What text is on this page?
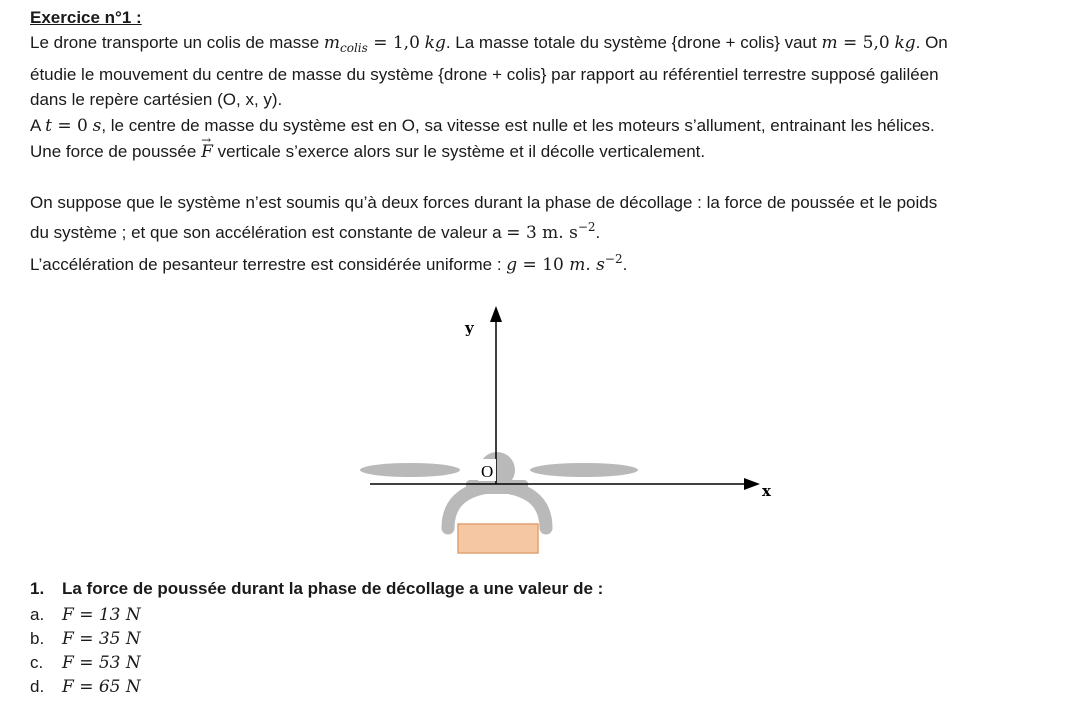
Exercice n°1 :

Le drone transporte un colis de masse $m_{colis} = 1,0$ kg. La masse totale du système {drone + colis} vaut m = 5,0 kg. On

étudie le mouvement du centre de masse du système {drone + colis} par rapport au référentiel terrestre supposé galiléen

dans le repère cartésien (O, x, y).

A t = 0 s, le centre de masse du système est en O, sa vitesse est nulle et les moteurs s’allument, entrainant les hélices.

Une force de poussée → F verticale s’exerce alors sur le système et il décolle verticalement.

On suppose que le système n’est soumis qu’à deux forces durant la phase de décollage : la force de poussée et le poids

du système ; et que son accélération est constante de valeur a = 3 m. $s^{-2}$.

L’accélération de pesanteur terrestre est considérée uniforme : g = 10 m. $s^{-2}$.

O
y
x
1. La force de poussée durant la phase de décollage a une valeur de :
a.	F = 13 N
b.	F = 35 N
c.	F = 53 N
d.	F = 65 N
